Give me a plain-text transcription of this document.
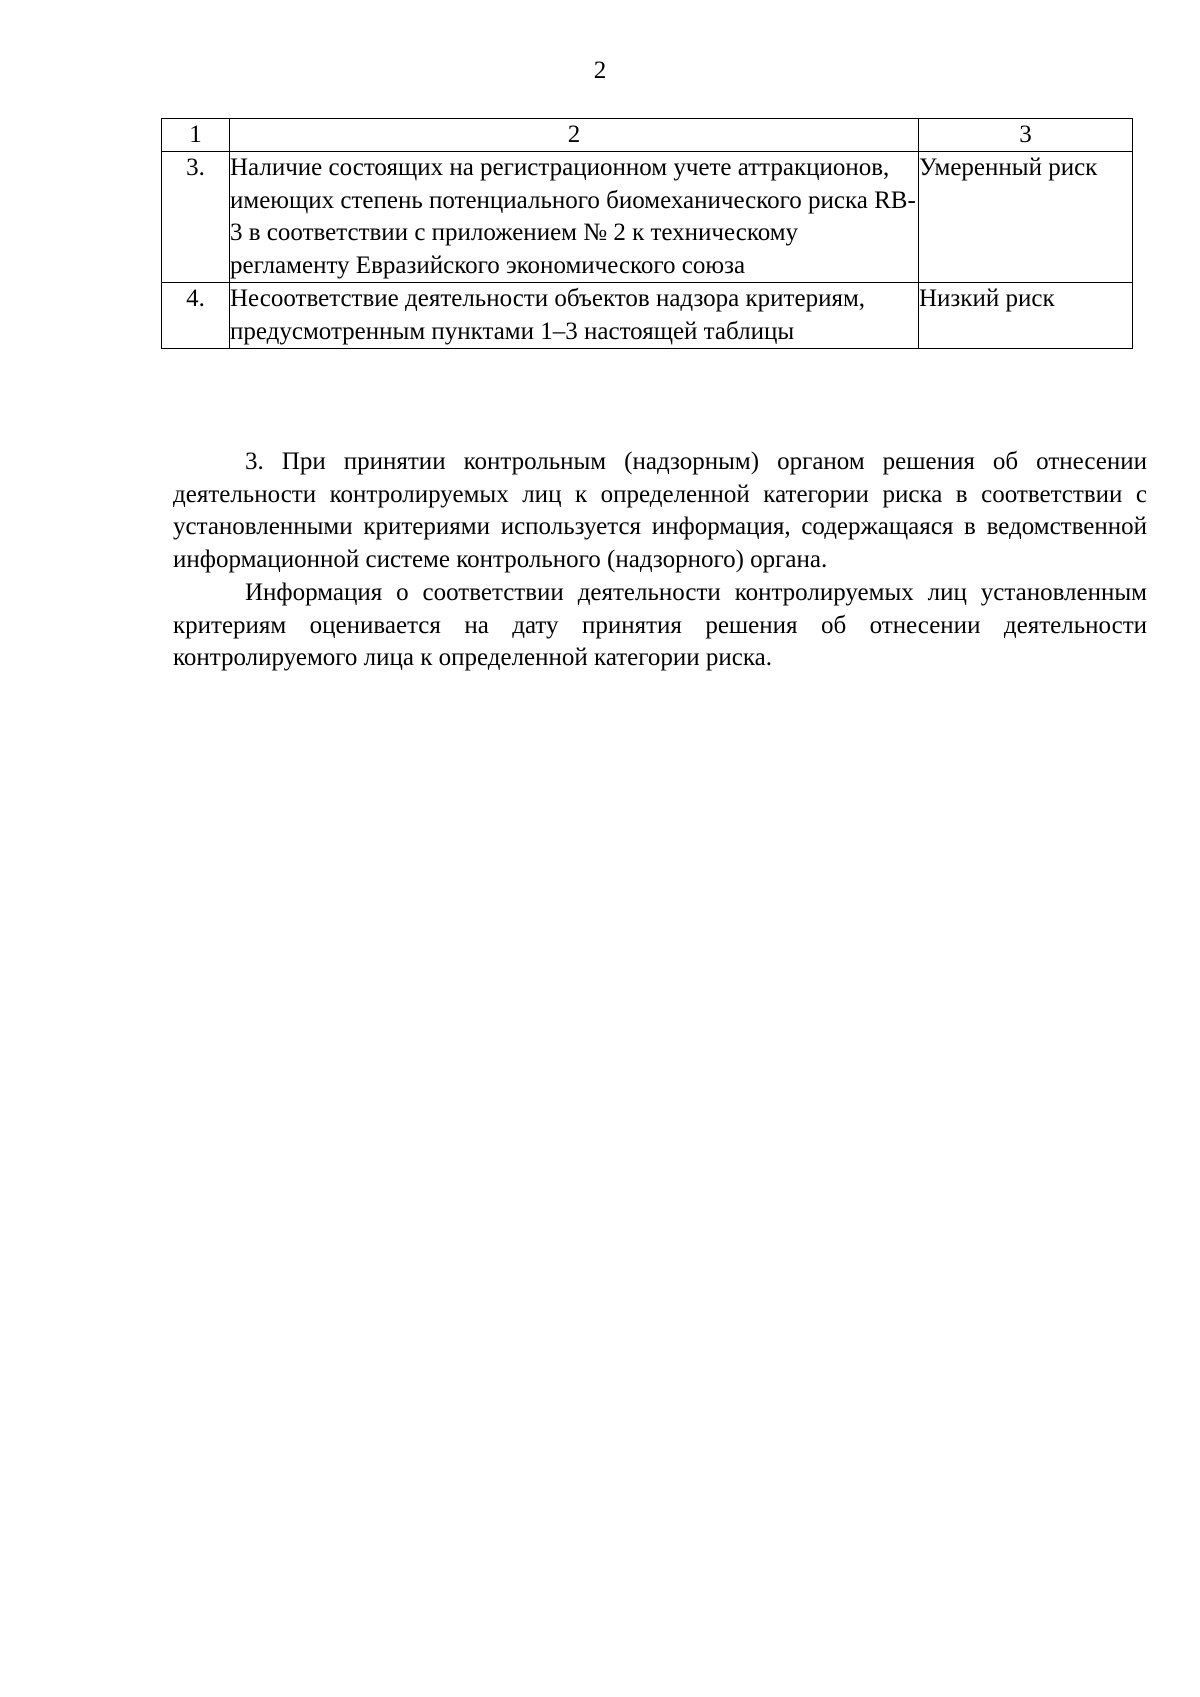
2
1	2	3
3.	Наличие состоящих на регистрационном учете аттракционов, имеющих степень потенциального биомеханического риска RB-3 в соответствии с приложением № 2 к техническому регламенту Евразийского экономического союза	Умеренный риск
4.	Несоответствие деятельности объектов надзора критериям, предусмотренным пунктами 1–3 настоящей таблицы	Низкий риск

3. При принятии контрольным (надзорным) органом решения об отнесении деятельности контролируемых лиц к определенной категории риска в соответствии с установленными критериями используется информация, содержащаяся в ведомственной информационной системе контрольного (надзорного) органа.

Информация о соответствии деятельности контролируемых лиц установленным критериям оценивается на дату принятия решения об отнесении деятельности контролируемого лица к определенной категории риска.
